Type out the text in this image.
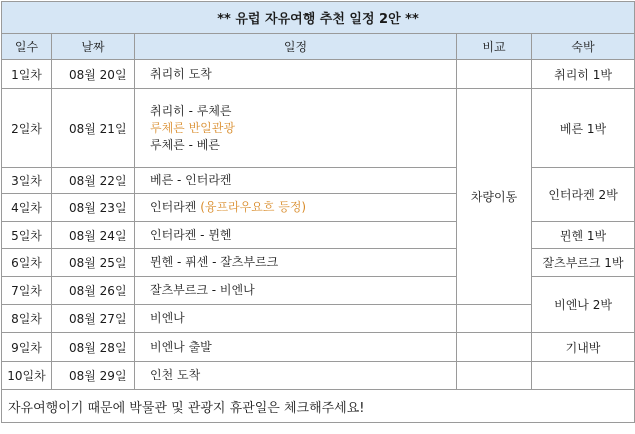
** 유럽 자유여행 추천 일정 2안 **				
일수	날짜	일정	비교	숙박
1일차	08월 20일	취리히 도착		취리히 1박
2일차	08월 21일	취리히 - 루체른
루체른 반일관광
루체른 - 베른	차량이동	베른 1박
3일차	08월 22일	베른 - 인터라켄		인터라켄 2박
4일차	08월 23일	인터라켄 (융프라우요흐 등정)		
5일차	08월 24일	인터라켄 - 뮌헨		뮌헨 1박
6일차	08월 25일	뮌헨 - 퓌센 - 잘츠부르크		잘츠부르크 1박
7일차	08월 26일	잘츠부르크 - 비엔나		비엔나 2박
8일차	08월 27일	비엔나		
9일차	08월 28일	비엔나 출발		기내박
10일차	08월 29일	인천 도착		
자유여행이기 때문에 박물관 및 관광지 휴관일은 체크해주세요!				
